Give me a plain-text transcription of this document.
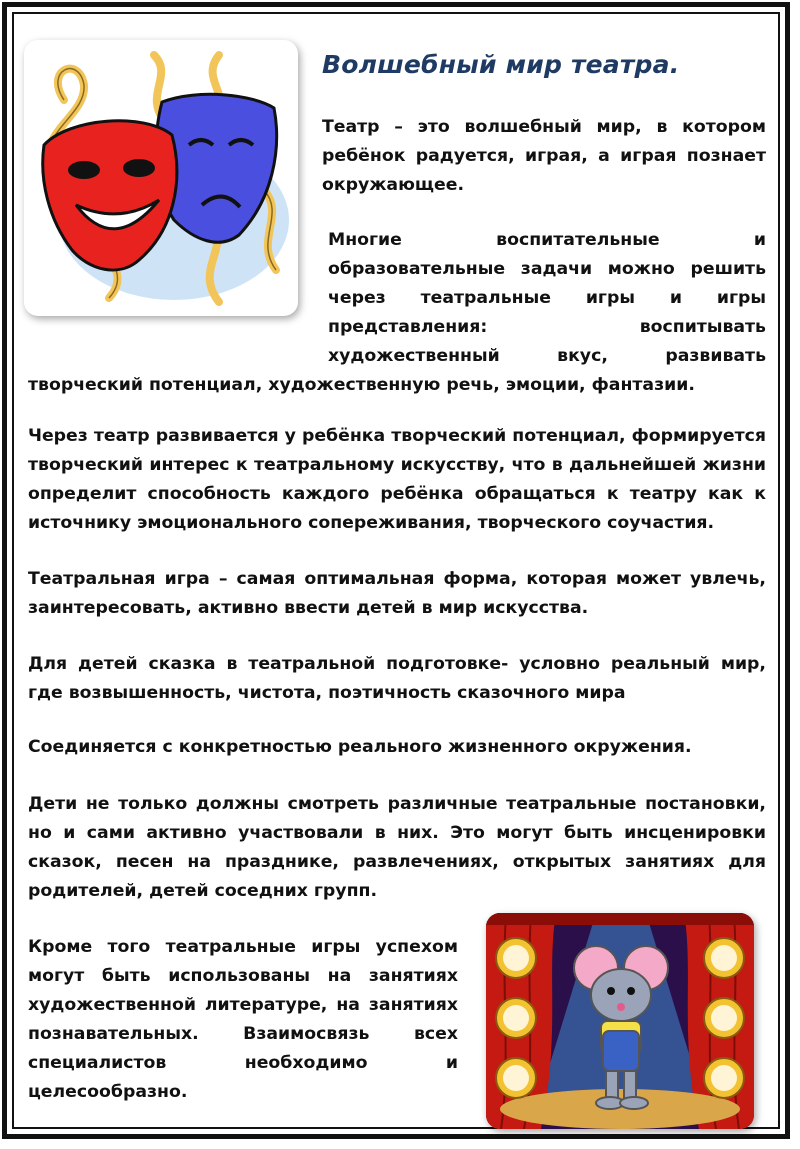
Волшебный мир театра.

Театр – это волшебный мир, в котором ребёнок радуется, играя, а играя познает окружающее.

Многие воспитательные и образовательные задачи можно решить через театральные игры и игры представления: воспитывать художественный вкус, развивать творческий потенциал, художественную речь, эмоции, фантазии.

Через театр развивается у ребёнка творческий потенциал, формируется творческий интерес к театральному искусству, что в дальнейшей жизни определит способность каждого ребёнка обращаться к театру как к источнику эмоционального сопереживания, творческого соучастия.

Театральная игра – самая оптимальная форма, которая может увлечь, заинтересовать, активно ввести детей в мир искусства.

Для детей сказка в театральной подготовке- условно реальный мир, где возвышенность, чистота, поэтичность сказочного мира

Соединяется с конкретностью реального жизненного окружения.

Дети не только должны смотреть различные театральные постановки, но и сами активно участвовали в них. Это могут быть инсценировки сказок, песен на празднике, развлечениях, открытых занятиях для родителей, детей соседних групп.

Кроме того театральные игры успехом могут быть использованы на занятиях художественной литературе, на занятиях познавательных. Взаимосвязь всех специалистов необходимо и целесообразно.
